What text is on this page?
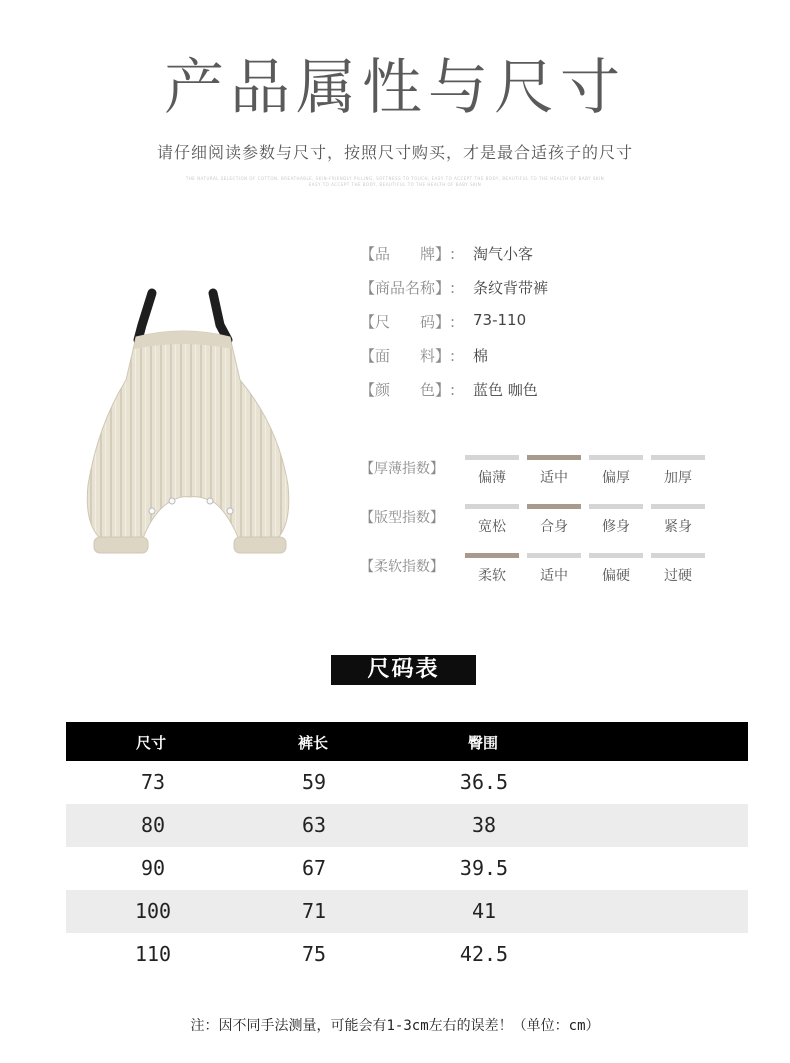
产品属性与尺寸
请仔细阅读参数与尺寸，按照尺寸购买，才是最合适孩子的尺寸
THE NATURAL SELECTION OF COTTON, BREATHABLE, SKIN-FRIENDLY PILLING, SOFTNESS TO TOUCH, EASY TO ACCEPT THE BODY, BEAUTIFUL TO THE HEALTH OF BABY SKIN
EASY TO ACCEPT THE BODY, BEAUTIFUL TO THE HEALTH OF BABY SKIN
【品　　牌】:	淘气小客
【商品名称】:	条纹背带裤
【尺　　码】:	73-110
【面　　料】:	棉
【颜　　色】:	蓝色 咖色
【厚薄指数】
偏薄	适中	偏厚	加厚
【版型指数】
宽松	合身	修身	紧身
【柔软指数】
柔软	适中	偏硬	过硬
尺码表
尺寸	裤长	臀围
73	59	36.5
80	63	38
90	67	39.5
100	71	41
110	75	42.5
注：因不同手法测量，可能会有1-3cm左右的误差！（单位：cm）
